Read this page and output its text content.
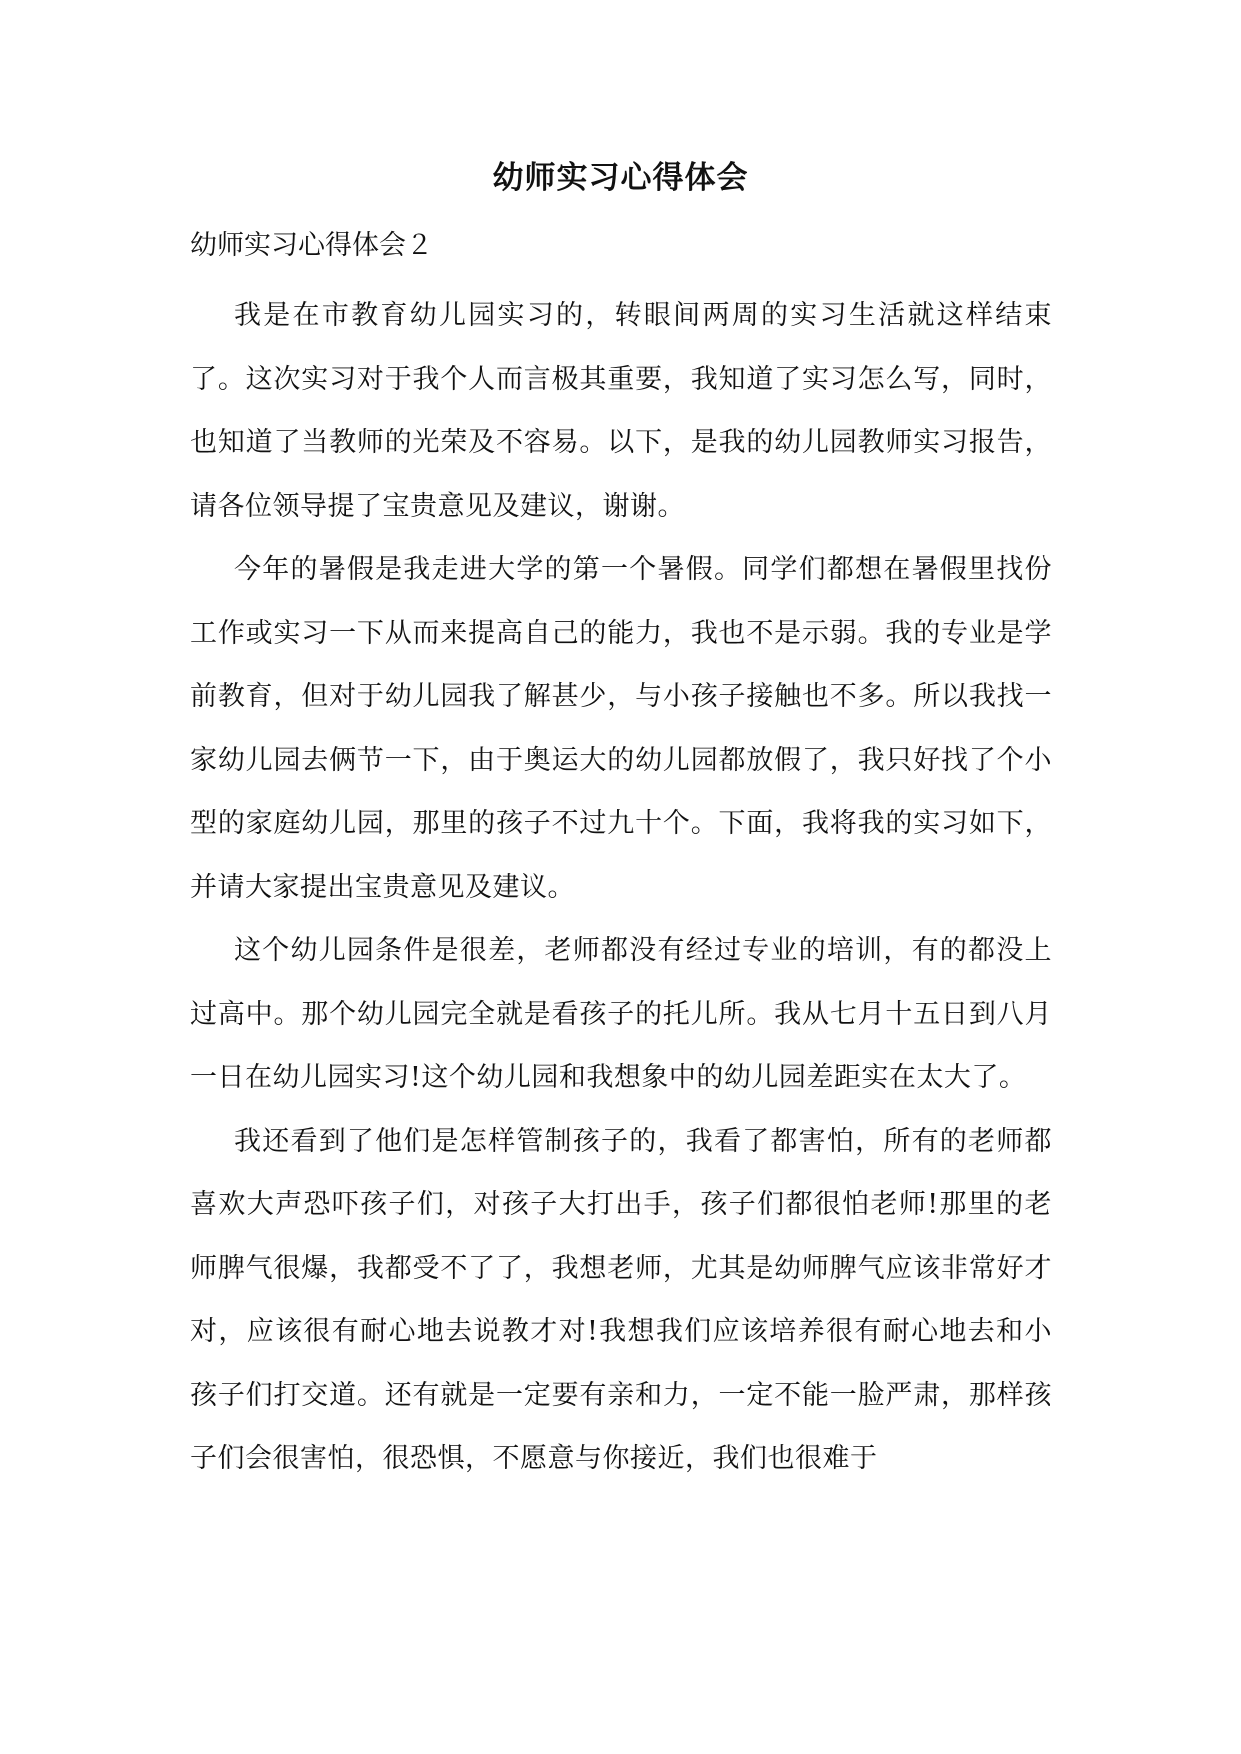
幼师实习心得体会
幼师实习心得体会２

我是在市教育幼儿园实习的，转眼间两周的实习生活就这样结束了。这次实习对于我个人而言极其重要，我知道了实习怎么写，同时，也知道了当教师的光荣及不容易。以下，是我的幼儿园教师实习报告，请各位领导提了宝贵意见及建议，谢谢。

今年的暑假是我走进大学的第一个暑假。同学们都想在暑假里找份工作或实习一下从而来提高自己的能力，我也不是示弱。我的专业是学前教育，但对于幼儿园我了解甚少，与小孩子接触也不多。所以我找一家幼儿园去俩节一下，由于奥运大的幼儿园都放假了，我只好找了个小型的家庭幼儿园，那里的孩子不过九十个。下面，我将我的实习如下，并请大家提出宝贵意见及建议。

这个幼儿园条件是很差，老师都没有经过专业的培训，有的都没上过高中。那个幼儿园完全就是看孩子的托儿所。我从七月十五日到八月一日在幼儿园实习!这个幼儿园和我想象中的幼儿园差距实在太大了。

我还看到了他们是怎样管制孩子的，我看了都害怕，所有的老师都喜欢大声恐吓孩子们，对孩子大打出手，孩子们都很怕老师!那里的老师脾气很爆，我都受不了了，我想老师，尤其是幼师脾气应该非常好才对，应该很有耐心地去说教才对!我想我们应该培养很有耐心地去和小孩子们打交道。还有就是一定要有亲和力，一定不能一脸严肃，那样孩子们会很害怕，很恐惧，不愿意与你接近，我们也很难于
